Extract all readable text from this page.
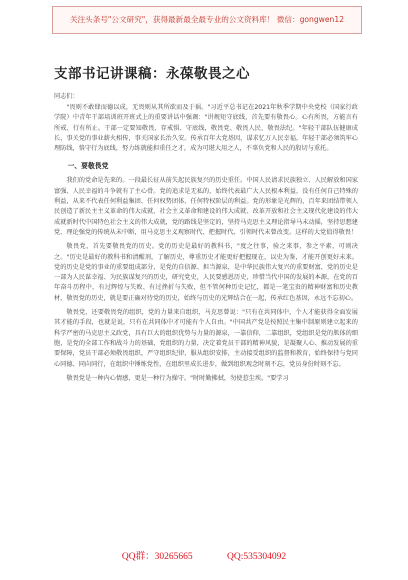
关注头条号"公文研究"，获得最新最全最专业的公文资料库！ 微信：gongwen12
支部书记讲课稿：永葆敬畏之心
同志们：

"畏则不敢肆而德以成，无畏则从其所欲而及于祸。"习近平总书记在2021年秋季学期中央党校（国家行政学院）中青年干部培训班开班式上的重要讲话中强调："讲规矩守底线，首先要有敬畏心。心有所畏，方能言有所戒、行有所止。干部一定要知敬畏、存戒惧、守底线，敬畏党、敬畏人民、敬畏法纪。"年轻干部队伍健康成长，事关党的事业薪火相传，事关国家长治久安。传承百年大党基因，谋求忆万人民幸福，年轻干部必须筑牢心理防线，恪守行为底线，努力练就能担重任之才，成为可堪大用之人，不辜负党和人民的殷切与重托。

一、要敬畏党

我们的党命是先来的。一段最长征从前失起民族复兴的历史重任。中国人民请求民族独立、人民解放和国家富强、人民幸福的斗争就有了主心骨。党的追求是无私的，始终代表最广大人民根本利益，没有任何自己特殊的利益，从来不代表任何利益集团、任何权势团体、任何特权阶层的利益。党的形象是光辉的，百年来团结带领人民创造了新民主主义革命的伟大成就、社会主义革命和建设的伟大成就、改革开放和社会主义现代化建设的伟大成就新时代中国特色社会主义的伟大成就，党的路线是坚定的，坚持马克思主义理论指导马未动摇，坚持思想建党、理论强党的传统从未中断，用马克思主义观察时代、把握时代、引领时代未曾改变。这样的大党值得敬畏！

敬畏党，首先要敬畏党的历史。党的历史是最好的教科书，"度之往事，验之来事，参之平素，可则决之。"历史是最好的教科书和清醒剂，了解历史，尊重历史才能更好把握现在，以史为鉴，才能开创更好未来。党的历史是党的事业的重要组成部分，是党的自信源、担当源泉，是中华民族伟大复兴的重要财富，党的历史是一部为人民谋幸福、为民族谋复兴的历史，研究党史，人民要感恩历史，珍惜当代中国的发展的本源，在党的百年奋斗历程中，有过辉煌与失败、有过挫折与失败，但不管何种历史记忆，都是一笔宝贵的精神财富和历史教材，敬畏党的历史，就是要正确对待党的历史，始终与历史的光辉结合在一起，传承红色基因，永远不忘初心。

敬畏党，还要敬畏党的组织，党的力量来自组织，马克思曾说："只有在共同体中，个人才能获得全面发展其才能的手段，也就是说，只有在共同体中才可能有个人自由。"中国共产党是按照民主集中制原则建立起来的科学严密的马克思主义政党，具有巨大的组织优势与力量的源泉，一靠信仰，二靠组织，党组织是党的肌体的细胞，是党的全部工作和战斗力的基础，党组织的力量，决定着党员干部的精神风貌，是凝聚人心、推动发展的重要保障，党员干部必须敬畏组织，严守组织纪律，服从组织安排，主动接受组织的监督和教育，始终保持与党同心同德、同向同行，在组织中锤炼党性，在组织里成长进步，做到组织观念时刻不忘，党员身份时刻不忘。

敬畏党是一种内心情感，更是一种行为操守。"时时勤拂拭，勿使惹尘埃。"要学习

QQ群：30265665	QQ:535304092
